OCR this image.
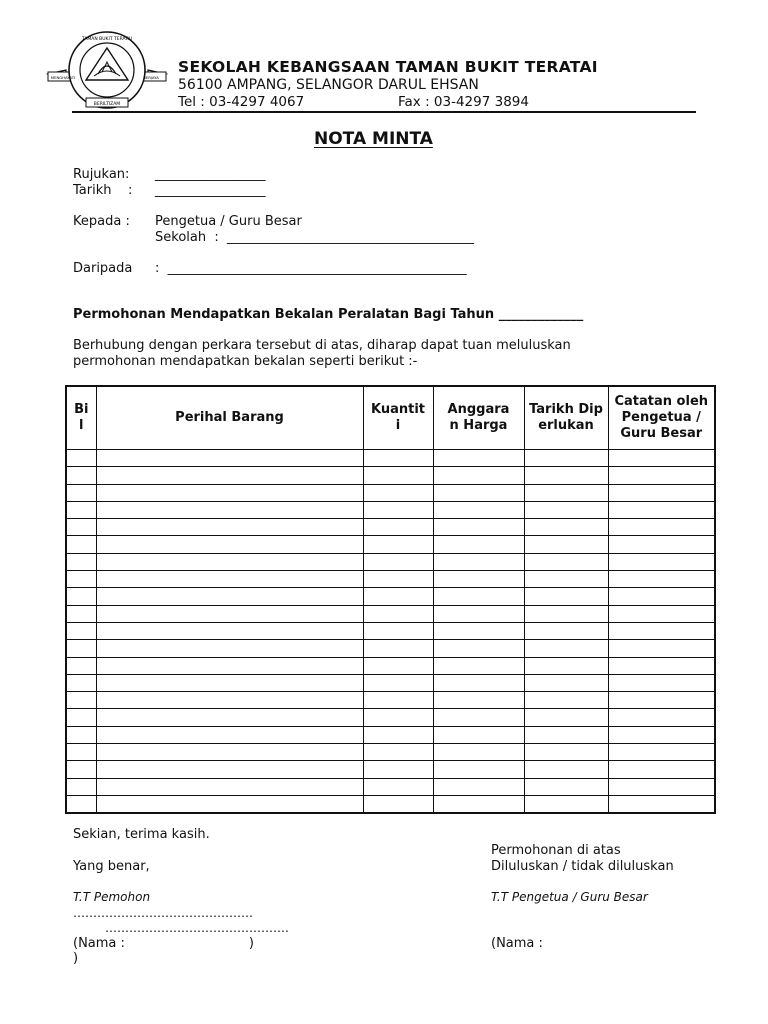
TAMAN BUKIT TERATAI
MENGHAYATI	BERJAYA
BERILTIZAM
SEKOLAH KEBANGSAAN TAMAN BUKIT TERATAI
56100 AMPANG, SELANGOR DARUL EHSAN
Tel : 03-4297 4067	Fax : 03-4297 3894
NOTA MINTA
Rujukan: _________________
Tarikh    : _________________
Kepada : Pengetua / Guru Besar
Sekolah  :  ______________________________________
Daripada :  ______________________________________________
Permohonan Mendapatkan Bekalan Peralatan Bagi Tahun _____________
Berhubung dengan perkara tersebut di atas, diharap dapat tuan meluluskan
permohonan mendapatkan bekalan seperti berikut :-
Bil	Perihal Barang	Kuantiti	Anggaran Harga	Tarikh Diperlukan	Catatan oleh Pengetua / Guru Besar

Sekian, terima kasih.
Yang benar,
T.T Pemohon
………………………………………
……………………………………….
(Nama :                              )
)
Permohonan di atas
Diluluskan / tidak diluluskan
T.T Pengetua / Guru Besar
(Nama :
